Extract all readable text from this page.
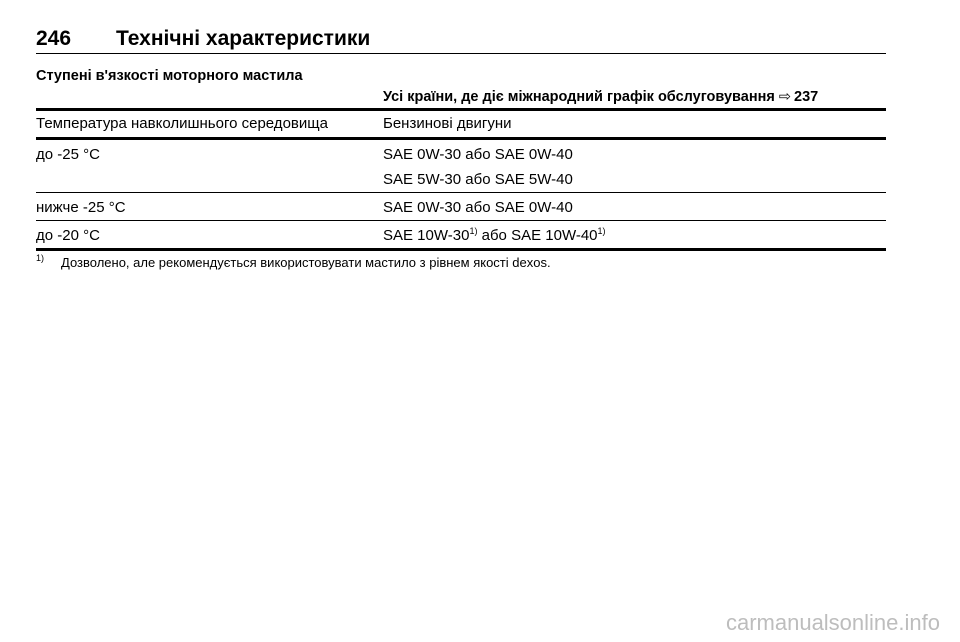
246 Технічні характеристики
Ступені в'язкості моторного мастила
Усі країни, де діє міжнародний графік обслуговування ⇨ 237
Температура навколишнього середовища	Бензинові двигуни
до -25 °C	SAE 0W-30 або SAE 0W-40
SAE 5W-30 або SAE 5W-40
нижче -25 °C	SAE 0W-30 або SAE 0W-40
до -20 °C	SAE 10W-30$^{1)}$ або SAE 10W-40$^{1)}$
1)	Дозволено, але рекомендується використовувати мастило з рівнем якості dexos.
carmanualsonline.info
